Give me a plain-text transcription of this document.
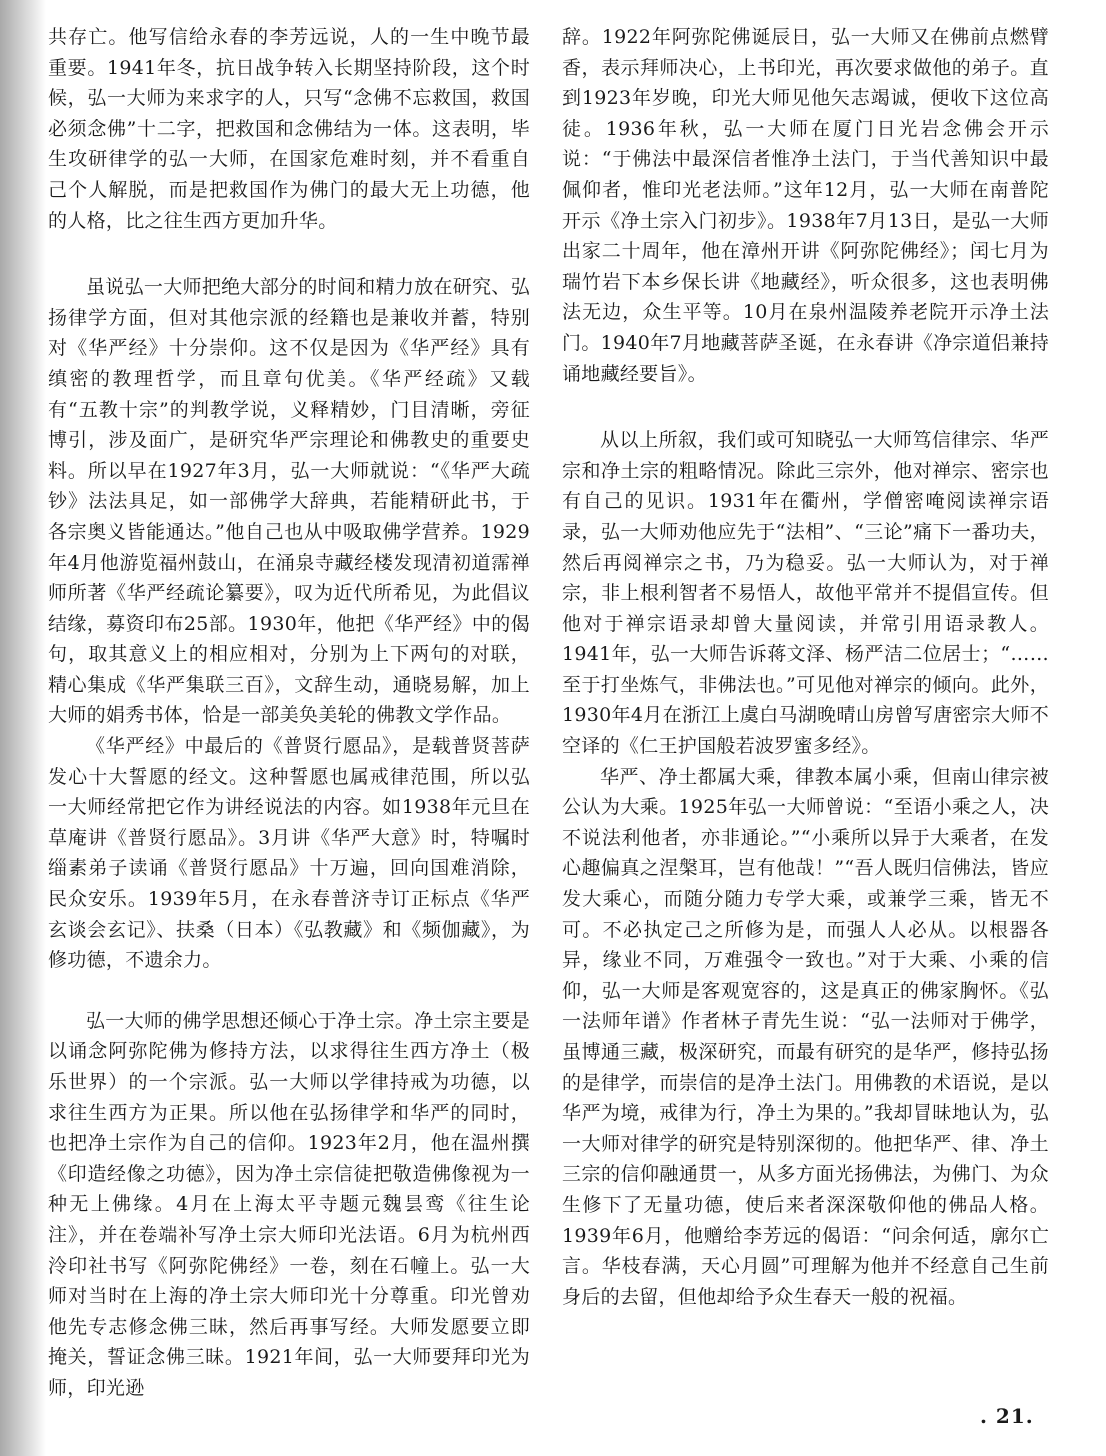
共存亡。他写信给永春的李芳远说，人的一生中晚节最重要。1941年冬，抗日战争转入长期坚持阶段，这个时候，弘一大师为来求字的人，只写“念佛不忘救国，救国必须念佛”十二字，把救国和念佛结为一体。这表明，毕生攻研律学的弘一大师，在国家危难时刻，并不看重自己个人解脱，而是把救国作为佛门的最大无上功德，他的人格，比之往生西方更加升华。

虽说弘一大师把绝大部分的时间和精力放在研究、弘扬律学方面，但对其他宗派的经籍也是兼收并蓄，特别对《华严经》十分崇仰。这不仅是因为《华严经》具有缜密的教理哲学，而且章句优美。《华严经疏》又载有“五教十宗”的判教学说，义释精妙，门目清晰，旁征博引，涉及面广，是研究华严宗理论和佛教史的重要史料。所以早在1927年3月，弘一大师就说：“《华严大疏钞》法法具足，如一部佛学大辞典，若能精研此书，于各宗奥义皆能通达。”他自己也从中吸取佛学营养。1929年4月他游览福州鼓山，在涌泉寺藏经楼发现清初道霈禅师所著《华严经疏论纂要》，叹为近代所希见，为此倡议结缘，募资印布25部。1930年，他把《华严经》中的偈句，取其意义上的相应相对，分别为上下两句的对联，精心集成《华严集联三百》，文辞生动，通晓易解，加上大师的娟秀书体，恰是一部美奂美轮的佛教文学作品。

《华严经》中最后的《普贤行愿品》，是载普贤菩萨发心十大誓愿的经文。这种誓愿也属戒律范围，所以弘一大师经常把它作为讲经说法的内容。如1938年元旦在草庵讲《普贤行愿品》。3月讲《华严大意》时，特嘱时缁素弟子读诵《普贤行愿品》十万遍，回向国难消除，民众安乐。1939年5月，在永春普济寺订正标点《华严玄谈会玄记》、扶桑（日本）《弘教藏》和《频伽藏》，为修功德，不遗余力。

弘一大师的佛学思想还倾心于净土宗。净土宗主要是以诵念阿弥陀佛为修持方法，以求得往生西方净土（极乐世界）的一个宗派。弘一大师以学律持戒为功德，以求往生西方为正果。所以他在弘扬律学和华严的同时，也把净土宗作为自己的信仰。1923年2月，他在温州撰《印造经像之功德》，因为净土宗信徒把敬造佛像视为一种无上佛缘。4月在上海太平寺题元魏昙鸾《往生论注》，并在卷端补写净土宗大师印光法语。6月为杭州西泠印社书写《阿弥陀佛经》一卷，刻在石幢上。弘一大师对当时在上海的净土宗大师印光十分尊重。印光曾劝他先专志修念佛三昧，然后再事写经。大师发愿要立即掩关，誓证念佛三昧。1921年间，弘一大师要拜印光为师，印光逊

辞。1922年阿弥陀佛诞辰日，弘一大师又在佛前点燃臂香，表示拜师决心，上书印光，再次要求做他的弟子。直到1923年岁晚，印光大师见他矢志竭诚，便收下这位高徒。1936年秋，弘一大师在厦门日光岩念佛会开示说：“于佛法中最深信者惟净土法门，于当代善知识中最佩仰者，惟印光老法师。”这年12月，弘一大师在南普陀开示《净土宗入门初步》。1938年7月13日，是弘一大师出家二十周年，他在漳州开讲《阿弥陀佛经》；闰七月为瑞竹岩下本乡保长讲《地藏经》，听众很多，这也表明佛法无边，众生平等。10月在泉州温陵养老院开示净土法门。1940年7月地藏菩萨圣诞，在永春讲《净宗道侣兼持诵地藏经要旨》。

从以上所叙，我们或可知晓弘一大师笃信律宗、华严宗和净土宗的粗略情况。除此三宗外，他对禅宗、密宗也有自己的见识。1931年在衢州，学僧密唵阅读禅宗语录，弘一大师劝他应先于“法相”、“三论”痛下一番功夫，然后再阅禅宗之书，乃为稳妥。弘一大师认为，对于禅宗，非上根利智者不易悟人，故他平常并不提倡宣传。但他对于禅宗语录却曾大量阅读，并常引用语录教人。1941年，弘一大师告诉蒋文泽、杨严洁二位居士；“……至于打坐炼气，非佛法也。”可见他对禅宗的倾向。此外，1930年4月在浙江上虞白马湖晚晴山房曾写唐密宗大师不空译的《仁王护国般若波罗蜜多经》。

华严、净土都属大乘，律教本属小乘，但南山律宗被公认为大乘。1925年弘一大师曾说：“至语小乘之人，决不说法利他者，亦非通论。”“小乘所以异于大乘者，在发心趣偏真之涅槃耳，岂有他哉！”“吾人既归信佛法，皆应发大乘心，而随分随力专学大乘，或兼学三乘，皆无不可。不必执定己之所修为是，而强人人必从。以根器各异，缘业不同，万难强令一致也。”对于大乘、小乘的信仰，弘一大师是客观宽容的，这是真正的佛家胸怀。《弘一法师年谱》作者林子青先生说：“弘一法师对于佛学，虽博通三藏，极深研究，而最有研究的是华严，修持弘扬的是律学，而崇信的是净土法门。用佛教的术语说，是以华严为境，戒律为行，净土为果的。”我却冒昧地认为，弘一大师对律学的研究是特别深彻的。他把华严、律、净土三宗的信仰融通贯一，从多方面光扬佛法，为佛门、为众生修下了无量功德，使后来者深深敬仰他的佛品人格。1939年6月，他赠给李芳远的偈语：“问余何适，廓尔亡言。华枝春满，天心月圆”可理解为他并不经意自己生前身后的去留，但他却给予众生春天一般的祝福。

. 21.
